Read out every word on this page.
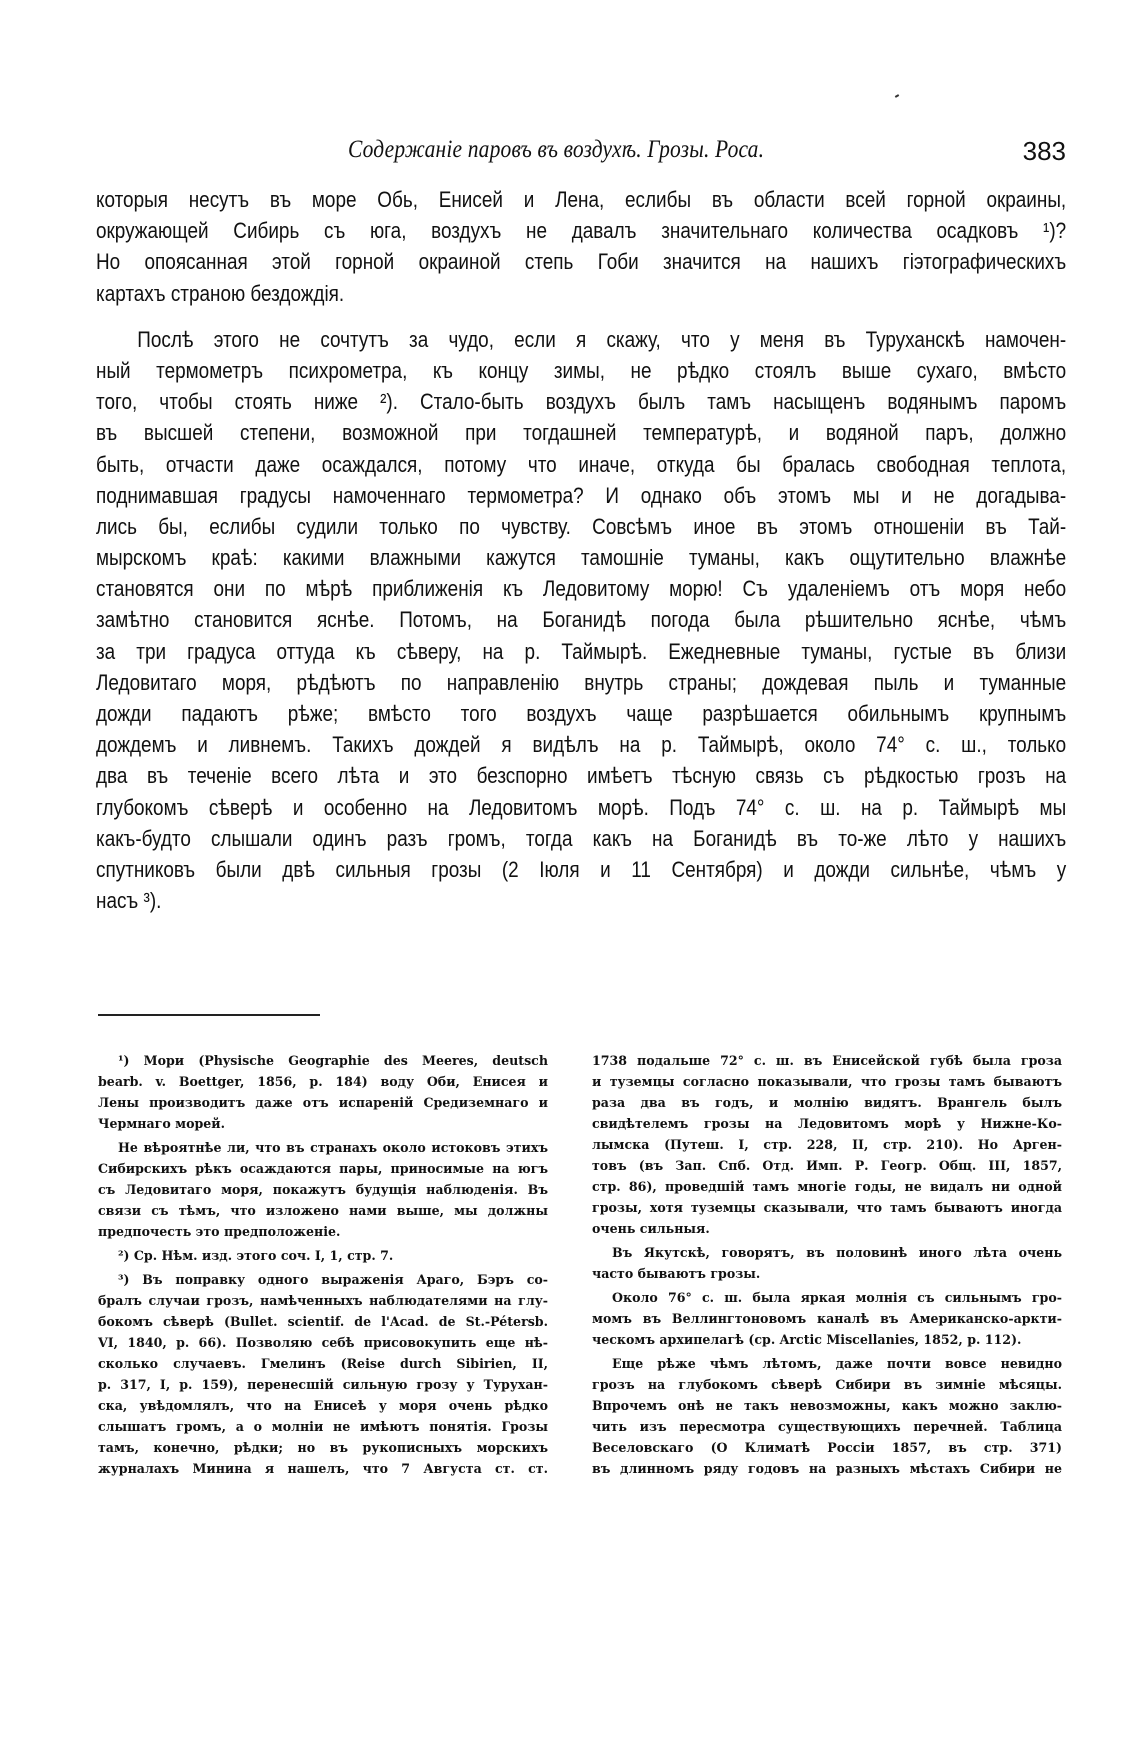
Содержанiе паровъ въ воздухѣ. Грозы. Роса.	383
которыя несутъ въ море Обь, Енисей и Лена, еслибы въ области всей горной окраины,
окружающей Сибирь съ юга, воздухъ не давалъ значительнаго количества осадковъ ¹)?
Но опоясанная этой горной окраиной степь Гоби значится на нашихъ гiэтографическихъ
картахъ страною бездождiя.
Послѣ этого не сочтутъ за чудо, если я скажу, что у меня въ Туруханскѣ намочен-
ный термометръ психрометра, къ концу зимы, не рѣдко стоялъ выше сухаго, вмѣсто
того, чтобы стоять ниже ²). Стало-быть воздухъ былъ тамъ насыщенъ водянымъ паромъ
въ высшей степени, возможной при тогдашней температурѣ, и водяной паръ, должно
быть, отчасти даже осаждался, потому что иначе, откуда бы бралась свободная теплота,
поднимавшая градусы намоченнаго термометра? И однако объ этомъ мы и не догадыва-
лись бы, еслибы судили только по чувству. Совсѣмъ иное въ этомъ отношенiи въ Тай-
мырскомъ краѣ: какими влажными кажутся тамошнiе туманы, какъ ощутительно влажнѣе
становятся они по мѣрѣ приближенiя къ Ледовитому морю! Съ удаленiемъ отъ моря небо
замѣтно становится яснѣе. Потомъ, на Боганидѣ погода была рѣшительно яснѣе, чѣмъ
за три градуса оттуда къ сѣверу, на р. Таймырѣ. Ежедневные туманы, густые въ близи
Ледовитаго моря, рѣдѣютъ по направленiю внутрь страны; дождевая пыль и туманные
дожди падаютъ рѣже; вмѣсто того воздухъ чаще разрѣшается обильнымъ крупнымъ
дождемъ и ливнемъ. Такихъ дождей я видѣлъ на р. Таймырѣ, около 74° с. ш., только
два въ теченiе всего лѣта и это безспорно имѣетъ тѣсную связь съ рѣдкостью грозъ на
глубокомъ сѣверѣ и особенно на Ледовитомъ морѣ. Подъ 74° с. ш. на р. Таймырѣ мы
какъ-будто слышали одинъ разъ громъ, тогда какъ на Боганидѣ въ то-же лѣто у нашихъ
спутниковъ были двѣ сильныя грозы (2 Iюля и 11 Сентября) и дожди сильнѣе, чѣмъ у
насъ ³).
¹) Мори (Physische Geographie des Meeres, deutsch
bearb. v. Boettger, 1856, p. 184) воду Оби, Енисея и
Лены производитъ даже отъ испаренiй Средиземнаго и
Чермнаго морей.
Не вѣроятнѣе ли, что въ странахъ около истоковъ этихъ
Сибирскихъ рѣкъ осаждаются пары, приносимые на югъ
съ Ледовитаго моря, покажутъ будущiя наблюденiя. Въ
связи съ тѣмъ, что изложено нами выше, мы должны
предпочесть это предположенiе.
²) Ср. Нѣм. изд. этого соч. I, 1, стр. 7.
³) Въ поправку одного выраженiя Араго, Бэръ со-
бралъ случаи грозъ, намѣченныхъ наблюдателями на глу-
бокомъ сѣверѣ (Bullet. scientif. de l'Acad. de St.-Pétersb.
VI, 1840, p. 66). Позволяю себѣ присовокупить еще нѣ-
сколько случаевъ. Гмелинъ (Reise durch Sibirien, II,
p. 317, I, p. 159), перенесшiй сильную грозу у Турухан-
ска, увѣдомлялъ, что на Енисеѣ у моря очень рѣдко
слышатъ громъ, а о молнiи не имѣютъ понятiя. Грозы
тамъ, конечно, рѣдки; но въ рукописныхъ морскихъ
журналахъ Минина я нашелъ, что 7 Августа ст. ст.
1738 подальше 72° с. ш. въ Енисейской губѣ была гроза
и туземцы согласно показывали, что грозы тамъ бываютъ
раза два въ годъ, и молнiю видятъ. Врангель былъ
свидѣтелемъ грозы на Ледовитомъ морѣ у Нижне-Ко-
лымска (Путеш. I, стр. 228, II, стр. 210). Но Арген-
товъ (въ Зап. Спб. Отд. Имп. Р. Геогр. Общ. III, 1857,
стр. 86), проведшiй тамъ многiе годы, не видалъ ни одной
грозы, хотя туземцы сказывали, что тамъ бываютъ иногда
очень сильныя.
Въ Якутскѣ, говорятъ, въ половинѣ иного лѣта очень
часто бываютъ грозы.
Около 76° с. ш. была яркая молнiя съ сильнымъ гро-
момъ въ Веллингтоновомъ каналѣ въ Американско-аркти-
ческомъ архипелагѣ (ср. Arctic Miscellanies, 1852, p. 112).
Еще рѣже чѣмъ лѣтомъ, даже почти вовсе невидно
грозъ на глубокомъ сѣверѣ Сибири въ зимнiе мѣсяцы.
Впрочемъ онѣ не такъ невозможны, какъ можно заклю-
чить изъ пересмотра существующихъ перечней. Таблица
Веселовскаго (О Климатѣ Россiи 1857, въ стр. 371)
въ длинномъ ряду годовъ на разныхъ мѣстахъ Сибири не
